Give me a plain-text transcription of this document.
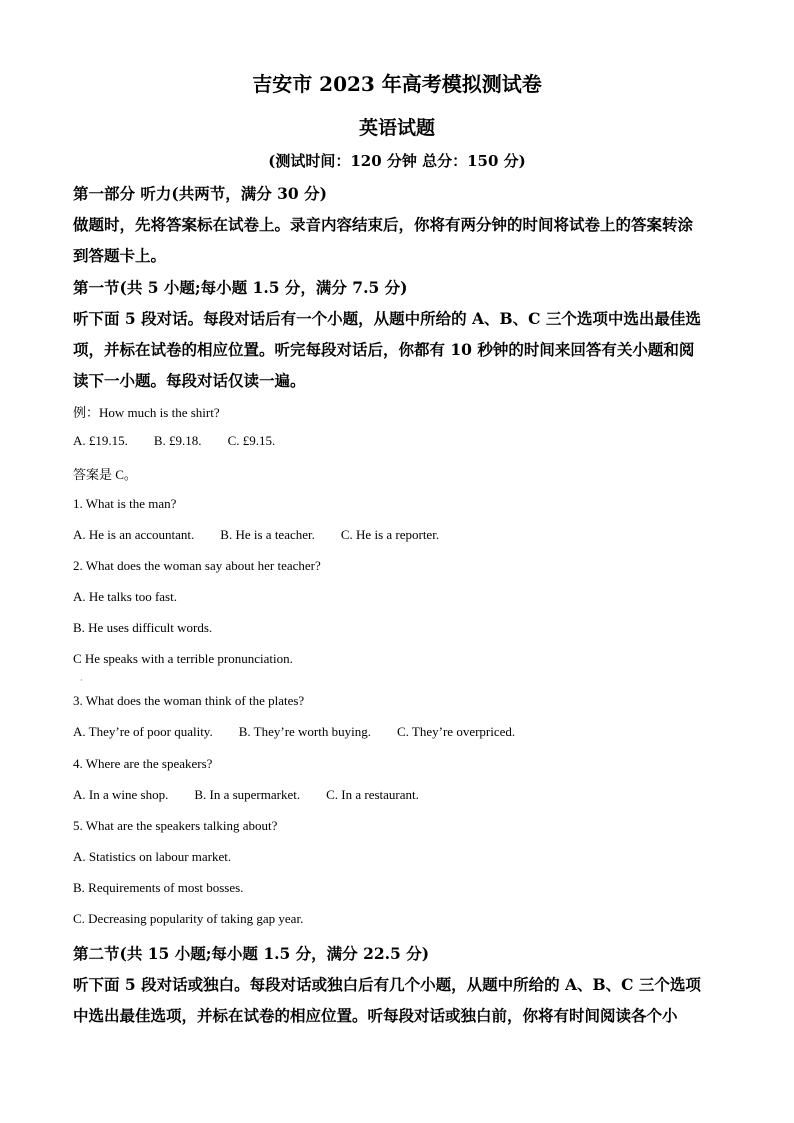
吉安市 2023 年高考模拟测试卷
英语试题
(测试时间：120 分钟 总分：150 分)
第一部分 听力(共两节，满分 30 分)
做题时，先将答案标在试卷上。录音内容结束后，你将有两分钟的时间将试卷上的答案转涂
到答题卡上。
第一节(共 5 小题;每小题 1.5 分，满分 7.5 分)
听下面 5 段对话。每段对话后有一个小题，从题中所给的 A、B、C 三个选项中选出最佳选
项，并标在试卷的相应位置。听完每段对话后，你都有 10 秒钟的时间来回答有关小题和阅
读下一小题。每段对话仅读一遍。
例：How much is the shirt?
A. £19.15. B. £9.18. C. £9.15.
答案是 C。
1. What is the man?
A. He is an accountant. B. He is a teacher. C. He is a reporter.
2. What does the woman say about her teacher?
A. He talks too fast.
B. He uses difficult words.
C He speaks with a terrible pronunciation.
·
3. What does the woman think of the plates?
A. They’re of poor quality. B. They’re worth buying. C. They’re overpriced.
4. Where are the speakers?
A. In a wine shop. B. In a supermarket. C. In a restaurant.
5. What are the speakers talking about?
A. Statistics on labour market.
B. Requirements of most bosses.
C. Decreasing popularity of taking gap year.
第二节(共 15 小题;每小题 1.5 分，满分 22.5 分)
听下面 5 段对话或独白。每段对话或独白后有几个小题，从题中所给的 A、B、C 三个选项
中选出最佳选项，并标在试卷的相应位置。听每段对话或独白前，你将有时间阅读各个小
